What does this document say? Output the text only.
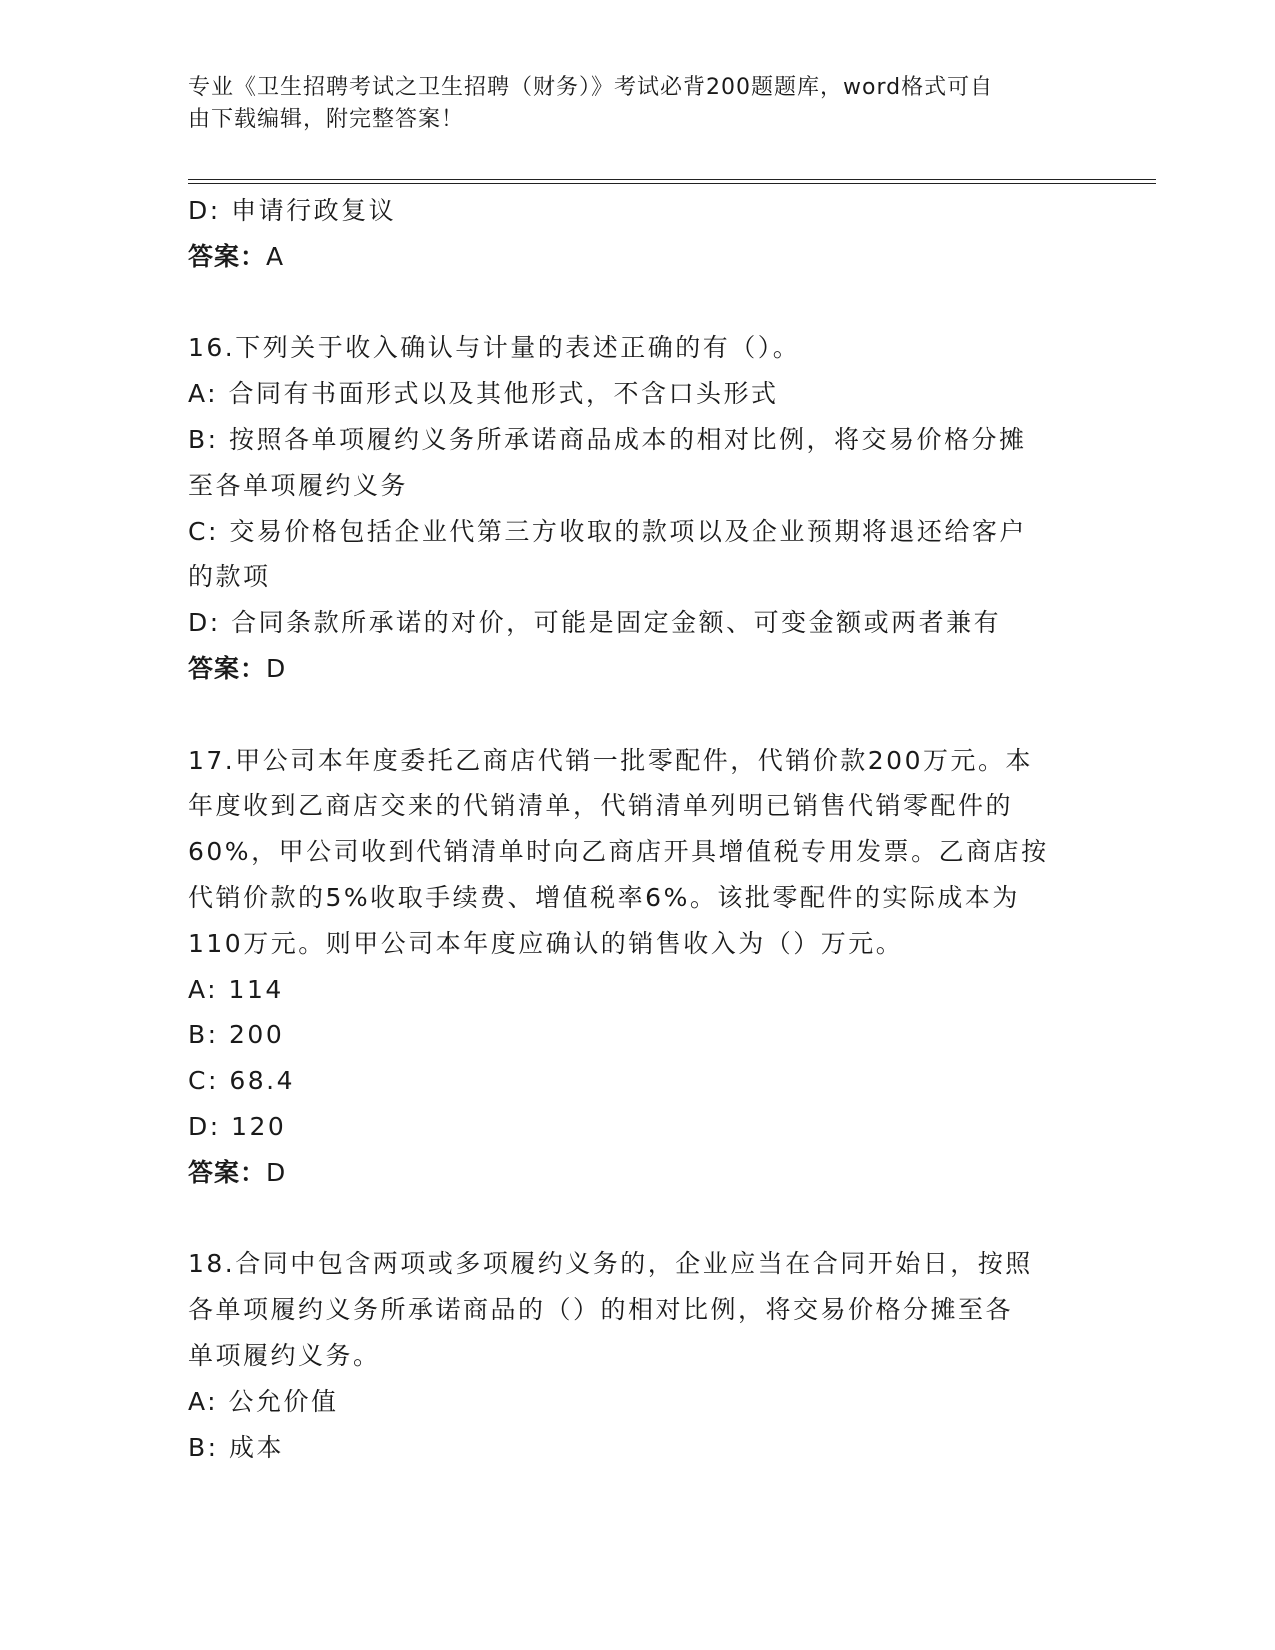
专业《卫生招聘考试之卫生招聘（财务）》考试必背200题题库，word格式可自
由下载编辑，附完整答案！

D: 申请行政复议

答案：A

16.下列关于收入确认与计量的表述正确的有（）。

A: 合同有书面形式以及其他形式，不含口头形式

B: 按照各单项履约义务所承诺商品成本的相对比例，将交易价格分摊

至各单项履约义务

C: 交易价格包括企业代第三方收取的款项以及企业预期将退还给客户

的款项

D: 合同条款所承诺的对价，可能是固定金额、可变金额或两者兼有

答案：D

17.甲公司本年度委托乙商店代销一批零配件，代销价款200万元。本

年度收到乙商店交来的代销清单，代销清单列明已销售代销零配件的

60%，甲公司收到代销清单时向乙商店开具增值税专用发票。乙商店按

代销价款的5%收取手续费、增值税率6%。该批零配件的实际成本为

110万元。则甲公司本年度应确认的销售收入为（）万元。

A: 114

B: 200

C: 68.4

D: 120

答案：D

18.合同中包含两项或多项履约义务的，企业应当在合同开始日，按照

各单项履约义务所承诺商品的（）的相对比例，将交易价格分摊至各

单项履约义务。

A: 公允价值

B: 成本
